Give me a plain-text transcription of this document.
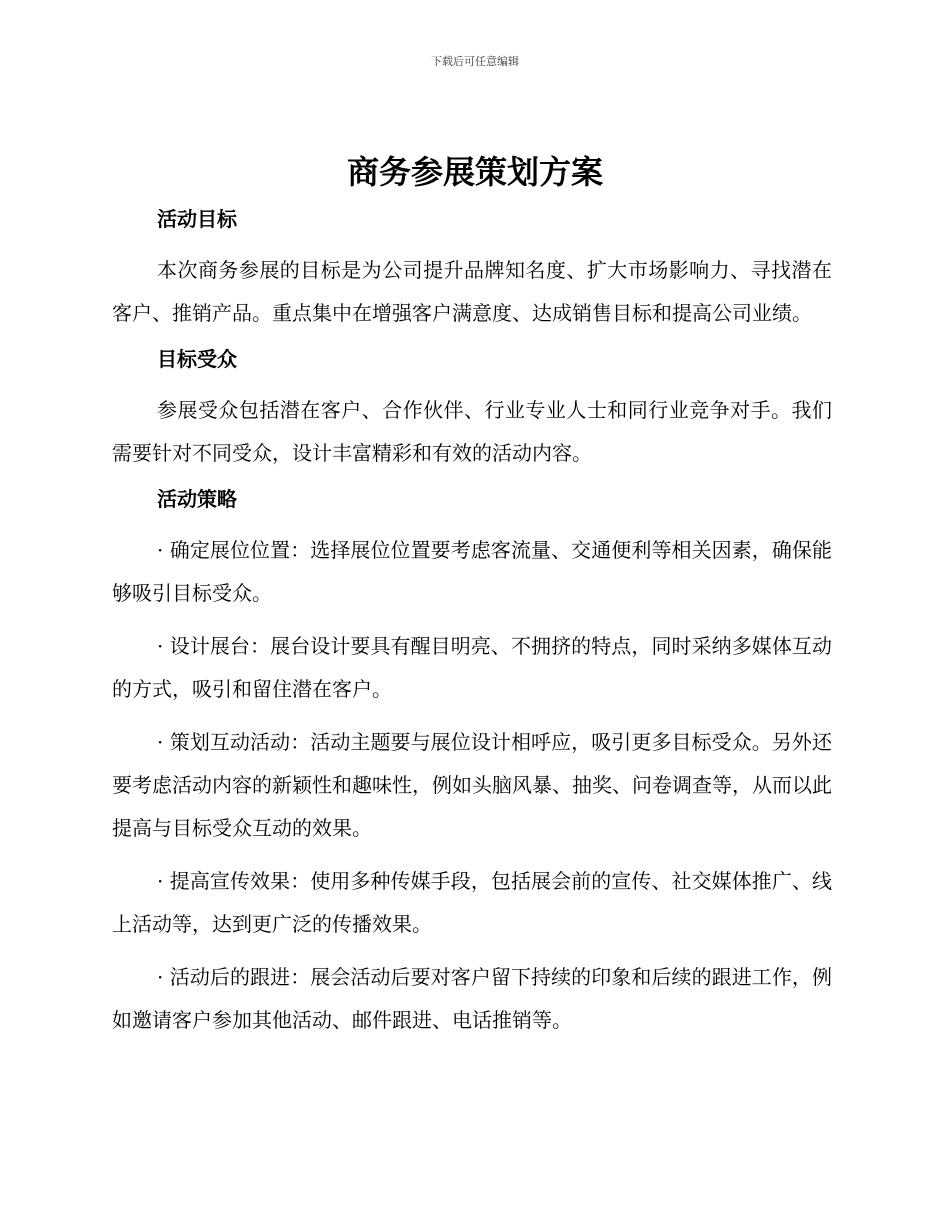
下载后可任意编辑
商务参展策划方案
活动目标

本次商务参展的目标是为公司提升品牌知名度、扩大市场影响力、寻找潜在客户、推销产品。重点集中在增强客户满意度、达成销售目标和提高公司业绩。

目标受众

参展受众包括潜在客户、合作伙伴、行业专业人士和同行业竞争对手。我们需要针对不同受众，设计丰富精彩和有效的活动内容。

活动策略

· 确定展位位置：选择展位位置要考虑客流量、交通便利等相关因素，确保能够吸引目标受众。

· 设计展台：展台设计要具有醒目明亮、不拥挤的特点，同时采纳多媒体互动的方式，吸引和留住潜在客户。

· 策划互动活动：活动主题要与展位设计相呼应，吸引更多目标受众。另外还要考虑活动内容的新颖性和趣味性，例如头脑风暴、抽奖、问卷调查等，从而以此提高与目标受众互动的效果。

· 提高宣传效果：使用多种传媒手段，包括展会前的宣传、社交媒体推广、线上活动等，达到更广泛的传播效果。

· 活动后的跟进：展会活动后要对客户留下持续的印象和后续的跟进工作，例如邀请客户参加其他活动、邮件跟进、电话推销等。
